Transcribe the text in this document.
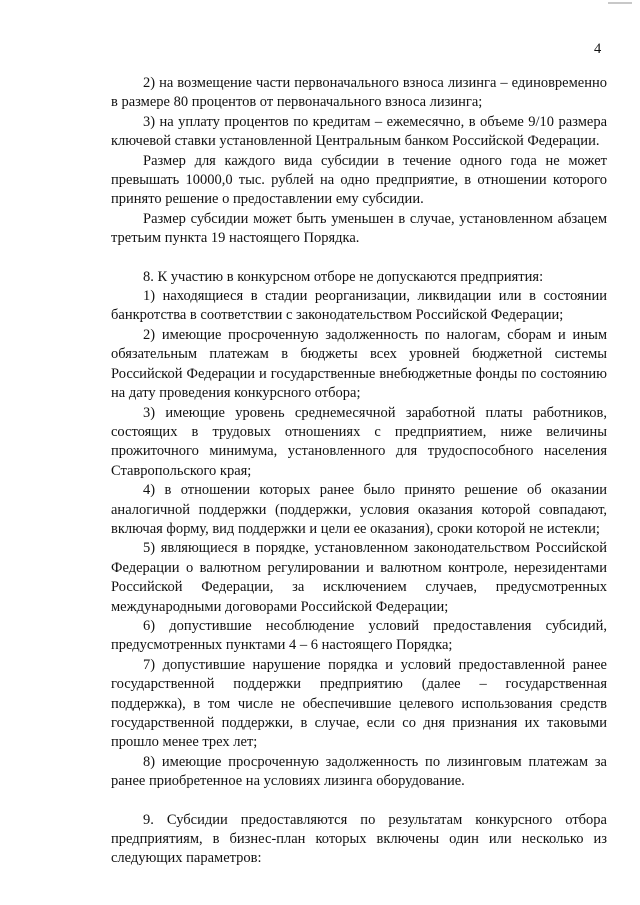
4

2) на возмещение части первоначального взноса лизинга – единовременно в размере 80 процентов от первоначального взноса лизинга;

3) на уплату процентов по кредитам – ежемесячно, в объеме 9/10 размера ключевой ставки установленной Центральным банком Российской Федерации.

Размер для каждого вида субсидии в течение одного года не может превышать 10000,0 тыс. рублей на одно предприятие, в отношении которого принято решение о предоставлении ему субсидии.

Размер субсидии может быть уменьшен в случае, установленном абзацем третьим пункта 19 настоящего Порядка.

8. К участию в конкурсном отборе не допускаются предприятия:

1) находящиеся в стадии реорганизации, ликвидации или в состоянии банкротства в соответствии с законодательством Российской Федерации;

2) имеющие просроченную задолженность по налогам, сборам и иным обязательным платежам в бюджеты всех уровней бюджетной системы Российской Федерации и государственные внебюджетные фонды по состоянию на дату проведения конкурсного отбора;

3) имеющие уровень среднемесячной заработной платы работников, состоящих в трудовых отношениях с предприятием, ниже величины прожиточного минимума, установленного для трудоспособного населения Ставропольского края;

4) в отношении которых ранее было принято решение об оказании аналогичной поддержки (поддержки, условия оказания которой совпадают, включая форму, вид поддержки и цели ее оказания), сроки которой не истекли;

5) являющиеся в порядке, установленном законодательством Российской Федерации о валютном регулировании и валютном контроле, нерезидентами Российской Федерации, за исключением случаев, предусмотренных международными договорами Российской Федерации;

6) допустившие несоблюдение условий предоставления субсидий, предусмотренных пунктами 4 – 6 настоящего Порядка;

7) допустившие нарушение порядка и условий предоставленной ранее государственной поддержки предприятию (далее – государственная поддержка), в том числе не обеспечившие целевого использования средств государственной поддержки, в случае, если со дня признания их таковыми прошло менее трех лет;

8) имеющие просроченную задолженность по лизинговым платежам за ранее приобретенное на условиях лизинга оборудование.

9. Субсидии предоставляются по результатам конкурсного отбора предприятиям, в бизнес-план которых включены один или несколько из следующих параметров:
